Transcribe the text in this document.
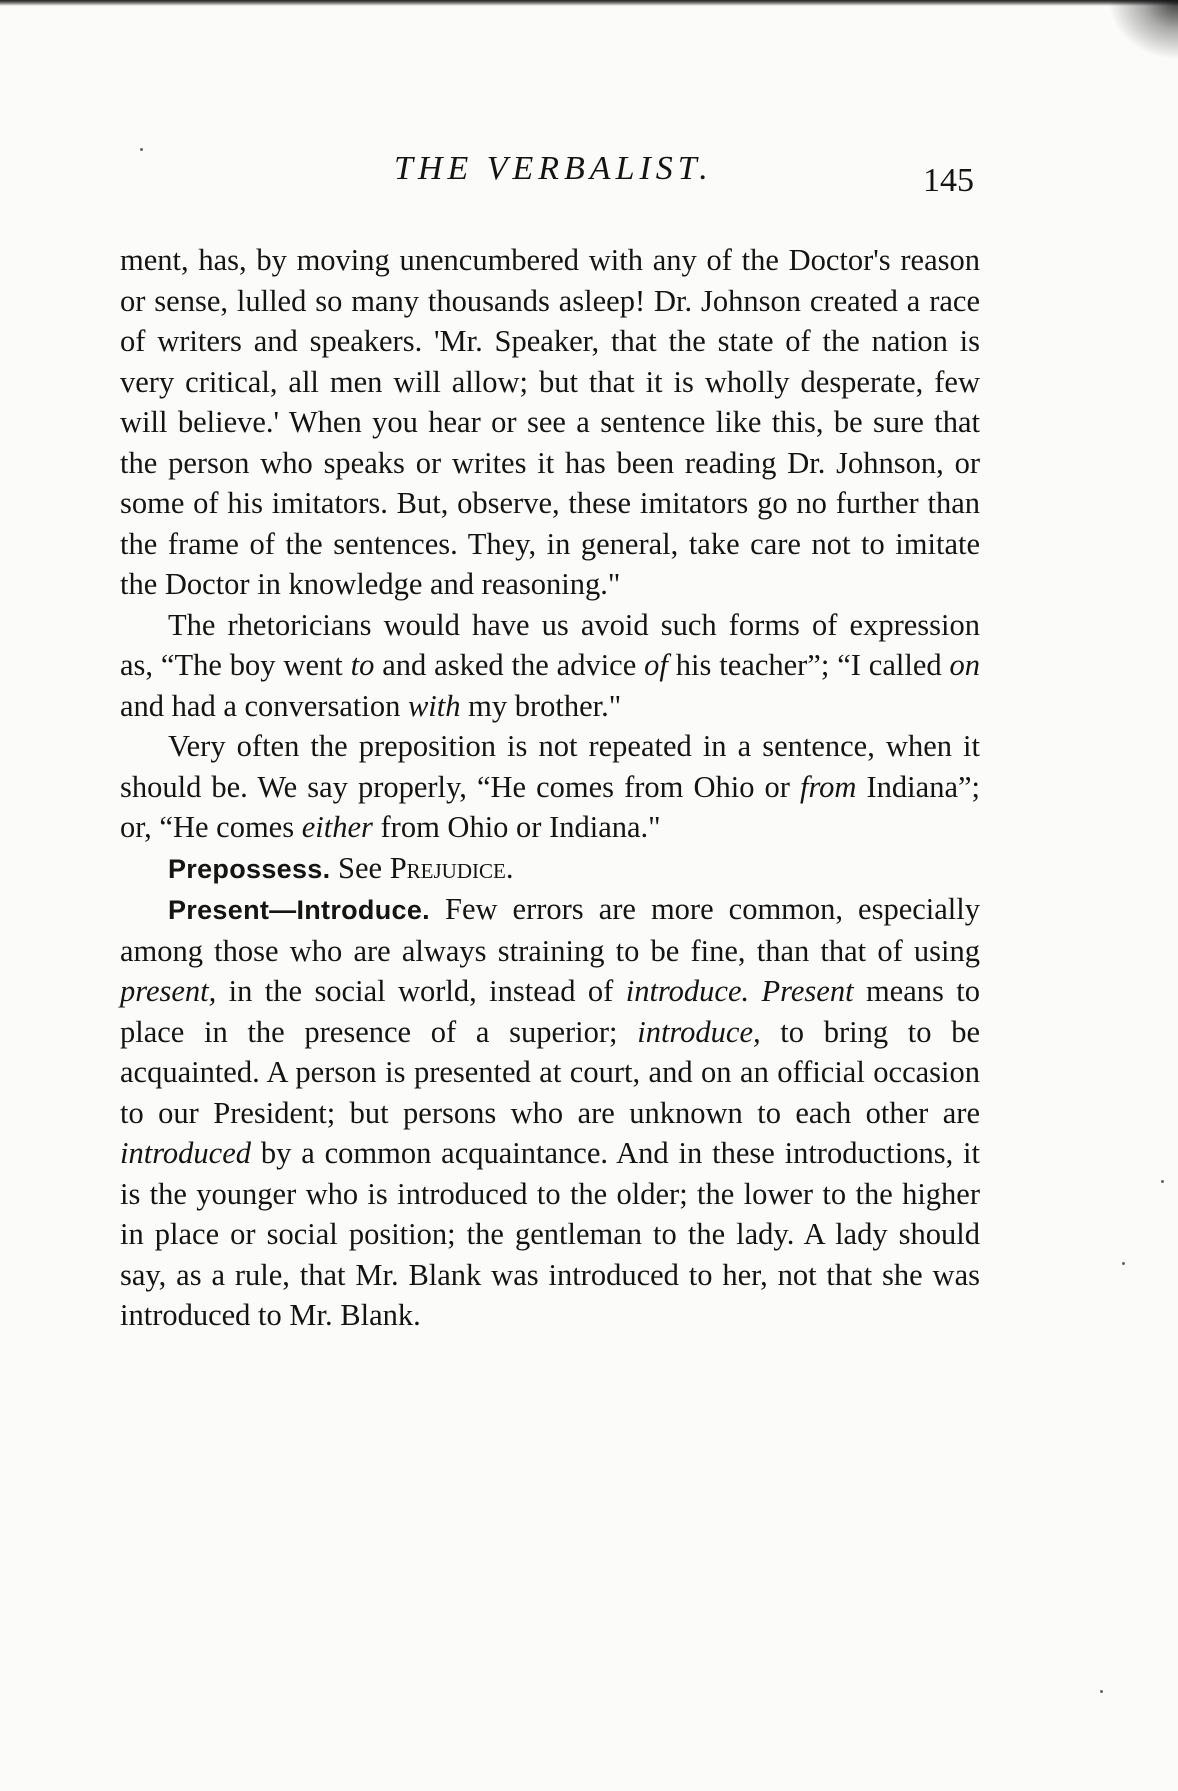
THE VERBALIST.	145

ment, has, by moving unencumbered with any of the Doctor's reason or sense, lulled so many thousands asleep! Dr. Johnson created a race of writers and speakers. 'Mr. Speaker, that the state of the nation is very critical, all men will allow; but that it is wholly desperate, few will believe.' When you hear or see a sentence like this, be sure that the person who speaks or writes it has been reading Dr. Johnson, or some of his imitators. But, observe, these imitators go no further than the frame of the sentences. They, in general, take care not to imitate the Doctor in knowledge and reasoning."

The rhetoricians would have us avoid such forms of expression as, “The boy went to and asked the advice of his teacher”; “I called on and had a conversation with my brother."

Very often the preposition is not repeated in a sentence, when it should be. We say properly, “He comes from Ohio or from Indiana”; or, “He comes either from Ohio or Indiana."

Prepossess. See Prejudice.

Present—Introduce. Few errors are more common, especially among those who are always straining to be fine, than that of using present, in the social world, instead of introduce. Present means to place in the presence of a superior; introduce, to bring to be acquainted. A person is presented at court, and on an official occasion to our President; but persons who are unknown to each other are introduced by a common acquaintance. And in these introductions, it is the younger who is introduced to the older; the lower to the higher in place or social position; the gentleman to the lady. A lady should say, as a rule, that Mr. Blank was introduced to her, not that she was introduced to Mr. Blank.
